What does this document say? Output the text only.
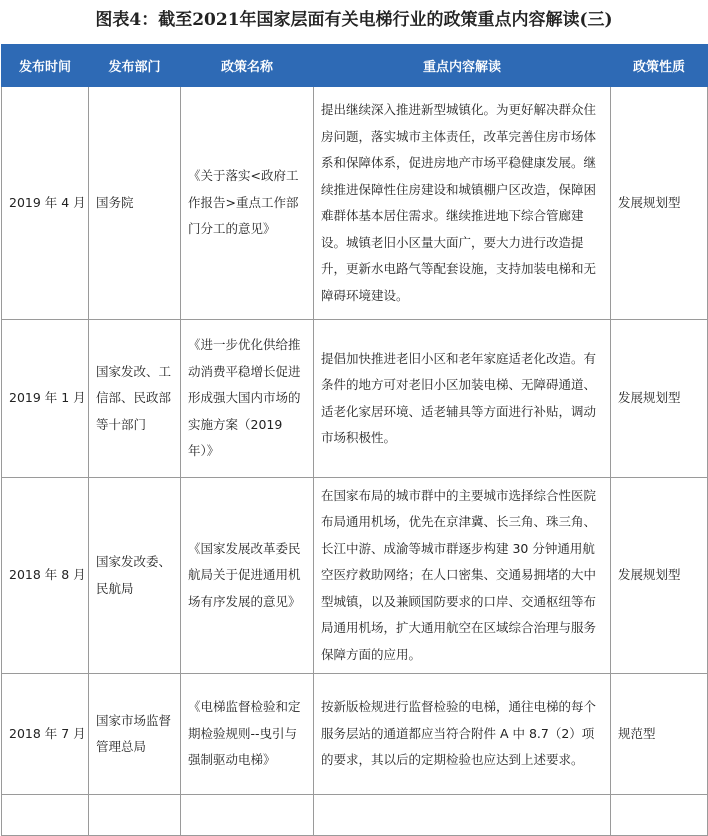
图表4：截至2021年国家层面有关电梯行业的政策重点内容解读(三)
发布时间	发布部门	政策名称	重点内容解读	政策性质
2019 年 4 月	国务院	《关于落实<政府工作报告>重点工作部门分工的意见》	提出继续深入推进新型城镇化。为更好解决群众住房问题，落实城市主体责任，改革完善住房市场体系和保障体系，促进房地产市场平稳健康发展。继续推进保障性住房建设和城镇棚户区改造，保障困难群体基本居住需求。继续推进地下综合管廊建设。城镇老旧小区量大面广，要大力进行改造提升，更新水电路气等配套设施，支持加装电梯和无障碍环境建设。	发展规划型
2019 年 1 月	国家发改、工信部、民政部等十部门	《进一步优化供给推动消费平稳增长促进形成强大国内市场的实施方案（2019年）》	提倡加快推进老旧小区和老年家庭适老化改造。有条件的地方可对老旧小区加装电梯、无障碍通道、适老化家居环境、适老辅具等方面进行补贴，调动市场积极性。	发展规划型
2018 年 8 月	国家发改委、民航局	《国家发展改革委民航局关于促进通用机场有序发展的意见》	在国家布局的城市群中的主要城市选择综合性医院布局通用机场，优先在京津冀、长三角、珠三角、长江中游、成渝等城市群逐步构建 30 分钟通用航空医疗救助网络；在人口密集、交通易拥堵的大中型城镇，以及兼顾国防要求的口岸、交通枢纽等布局通用机场，扩大通用航空在区域综合治理与服务保障方面的应用。	发展规划型
2018 年 7 月	国家市场监督管理总局	《电梯监督检验和定期检验规则--曳引与强制驱动电梯》	按新版检规进行监督检验的电梯，通往电梯的每个服务层站的通道都应当符合附件 A 中 8.7（2）项的要求，其以后的定期检验也应达到上述要求。	规范型
